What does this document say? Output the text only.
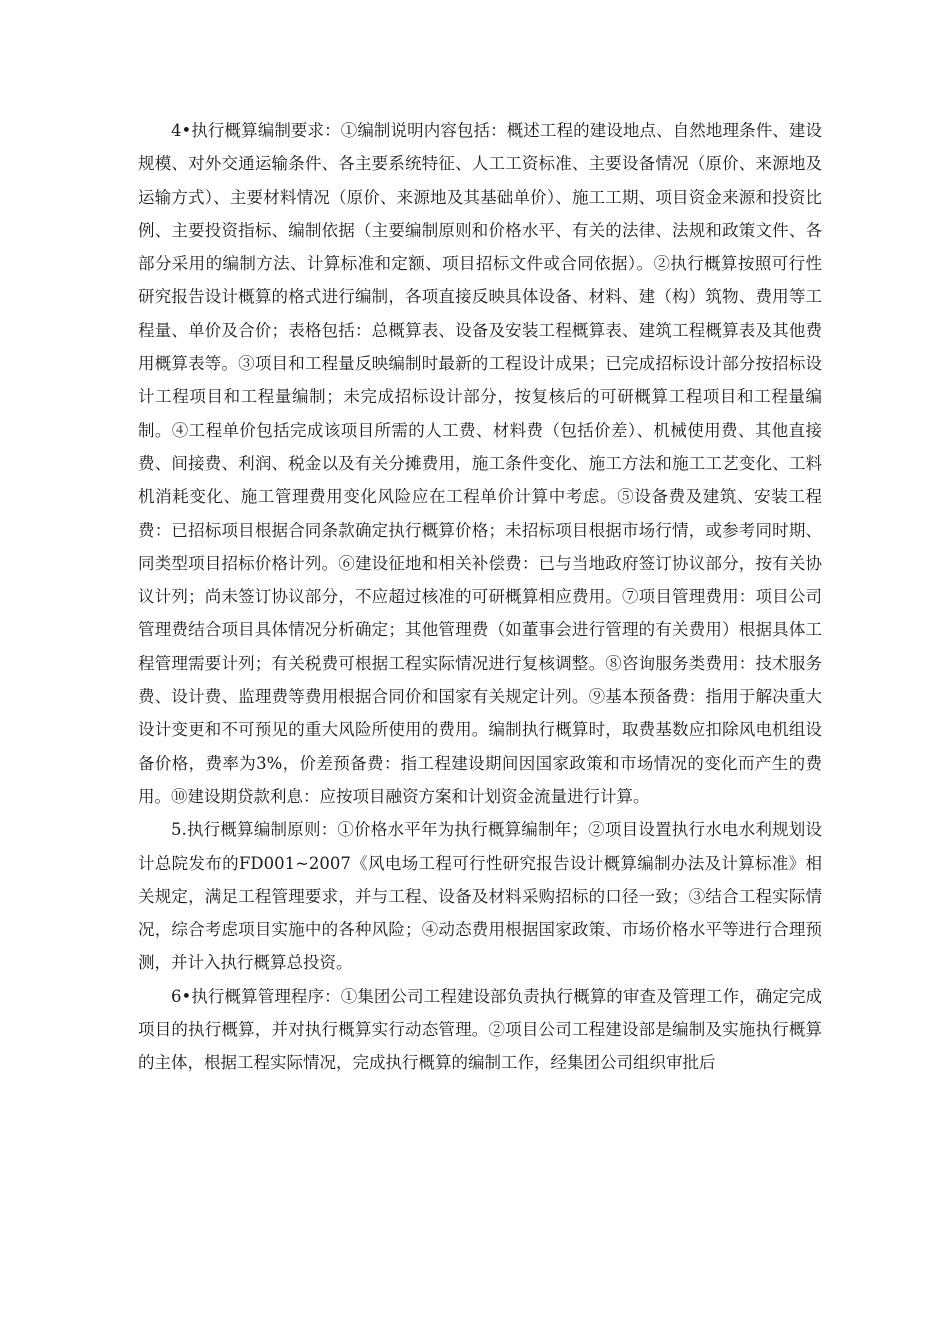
4•执行概算编制要求：①编制说明内容包括：概述工程的建设地点、自然地理条件、建设规模、对外交通运输条件、各主要系统特征、人工工资标准、主要设备情况（原价、来源地及运输方式）、主要材料情况（原价、来源地及其基础单价）、施工工期、项目资金来源和投资比例、主要投资指标、编制依据（主要编制原则和价格水平、有关的法律、法规和政策文件、各部分采用的编制方法、计算标准和定额、项目招标文件或合同依据）。②执行概算按照可行性研究报告设计概算的格式进行编制，各项直接反映具体设备、材料、建（构）筑物、费用等工程量、单价及合价；表格包括：总概算表、设备及安装工程概算表、建筑工程概算表及其他费用概算表等。③项目和工程量反映编制时最新的工程设计成果；已完成招标设计部分按招标设计工程项目和工程量编制；未完成招标设计部分，按复核后的可研概算工程项目和工程量编制。④工程单价包括完成该项目所需的人工费、材料费（包括价差）、机械使用费、其他直接费、间接费、利润、税金以及有关分摊费用，施工条件变化、施工方法和施工工艺变化、工料机消耗变化、施工管理费用变化风险应在工程单价计算中考虑。⑤设备费及建筑、安装工程费：已招标项目根据合同条款确定执行概算价格；未招标项目根据市场行情，或参考同时期、同类型项目招标价格计列。⑥建设征地和相关补偿费：已与当地政府签订协议部分，按有关协议计列；尚未签订协议部分，不应超过核准的可研概算相应费用。⑦项目管理费用：项目公司管理费结合项目具体情况分析确定；其他管理费（如董事会进行管理的有关费用）根据具体工程管理需要计列；有关税费可根据工程实际情况进行复核调整。⑧咨询服务类费用：技术服务费、设计费、监理费等费用根据合同价和国家有关规定计列。⑨基本预备费：指用于解决重大设计变更和不可预见的重大风险所使用的费用。编制执行概算时，取费基数应扣除风电机组设备价格，费率为3%，价差预备费：指工程建设期间因国家政策和市场情况的变化而产生的费用。⑩建设期贷款利息：应按项目融资方案和计划资金流量进行计算。

5.执行概算编制原则：①价格水平年为执行概算编制年；②项目设置执行水电水利规划设计总院发布的FD001~2007《风电场工程可行性研究报告设计概算编制办法及计算标准》相关规定，满足工程管理要求，并与工程、设备及材料采购招标的口径一致；③结合工程实际情况，综合考虑项目实施中的各种风险；④动态费用根据国家政策、市场价格水平等进行合理预测，并计入执行概算总投资。

6•执行概算管理程序：①集团公司工程建设部负责执行概算的审查及管理工作，确定完成项目的执行概算，并对执行概算实行动态管理。②项目公司工程建设部是编制及实施执行概算的主体，根据工程实际情况，完成执行概算的编制工作，经集团公司组织审批后
